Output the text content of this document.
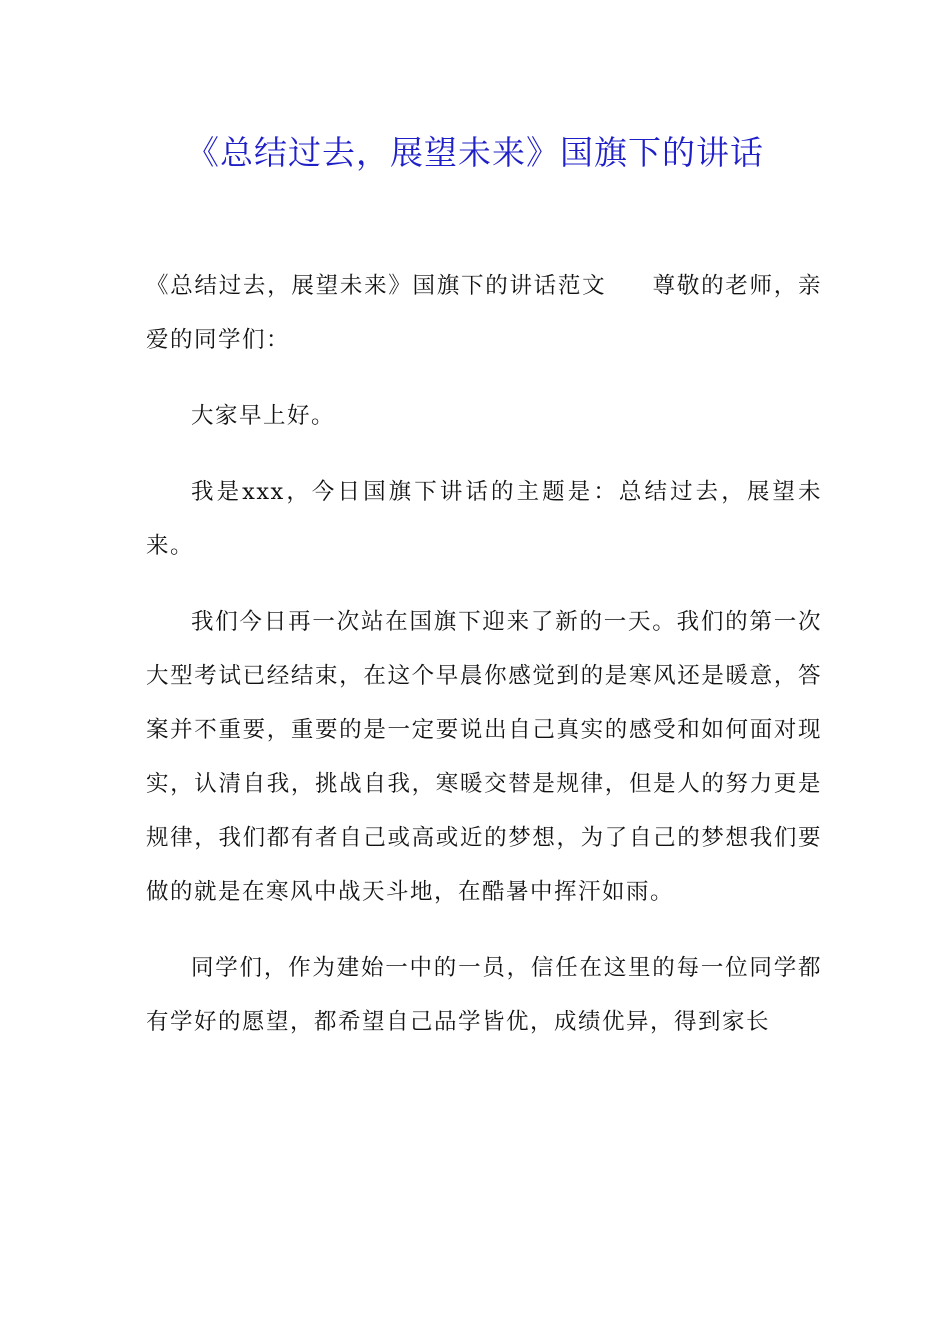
《总结过去，展望未来》国旗下的讲话

《总结过去，展望未来》国旗下的讲话范文 尊敬的老师，亲爱的同学们：

大家早上好。

我是xxx，今日国旗下讲话的主题是：总结过去，展望未来。

我们今日再一次站在国旗下迎来了新的一天。我们的第一次大型考试已经结束，在这个早晨你感觉到的是寒风还是暖意，答案并不重要，重要的是一定要说出自己真实的感受和如何面对现实，认清自我，挑战自我，寒暖交替是规律，但是人的努力更是规律，我们都有者自己或高或近的梦想，为了自己的梦想我们要做的就是在寒风中战天斗地，在酷暑中挥汗如雨。

同学们，作为建始一中的一员，信任在这里的每一位同学都有学好的愿望，都希望自己品学皆优，成绩优异，得到家长
